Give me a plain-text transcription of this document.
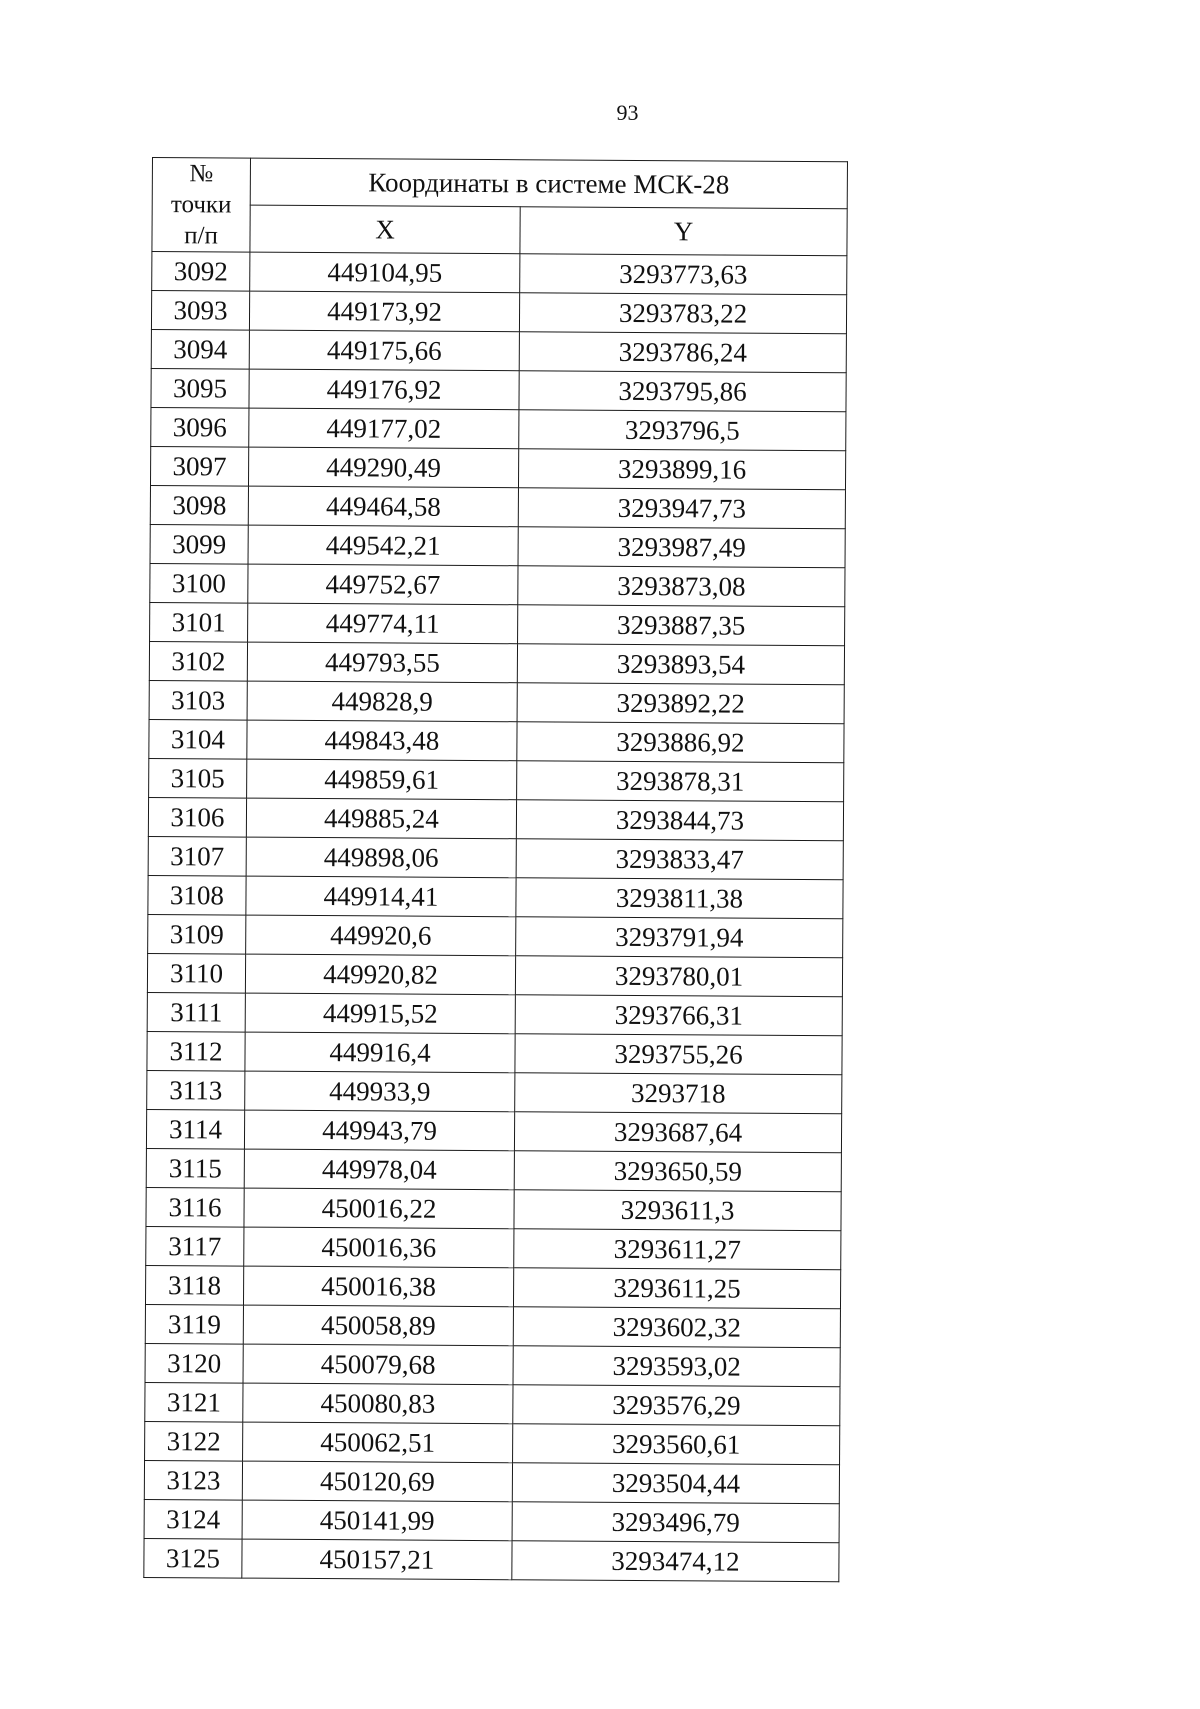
93
№
точки
п/п	Координаты в системе МСК-28	
	X	Y
3092	449104,95	3293773,63
3093	449173,92	3293783,22
3094	449175,66	3293786,24
3095	449176,92	3293795,86
3096	449177,02	3293796,5
3097	449290,49	3293899,16
3098	449464,58	3293947,73
3099	449542,21	3293987,49
3100	449752,67	3293873,08
3101	449774,11	3293887,35
3102	449793,55	3293893,54
3103	449828,9	3293892,22
3104	449843,48	3293886,92
3105	449859,61	3293878,31
3106	449885,24	3293844,73
3107	449898,06	3293833,47
3108	449914,41	3293811,38
3109	449920,6	3293791,94
3110	449920,82	3293780,01
3111	449915,52	3293766,31
3112	449916,4	3293755,26
3113	449933,9	3293718
3114	449943,79	3293687,64
3115	449978,04	3293650,59
3116	450016,22	3293611,3
3117	450016,36	3293611,27
3118	450016,38	3293611,25
3119	450058,89	3293602,32
3120	450079,68	3293593,02
3121	450080,83	3293576,29
3122	450062,51	3293560,61
3123	450120,69	3293504,44
3124	450141,99	3293496,79
3125	450157,21	3293474,12
